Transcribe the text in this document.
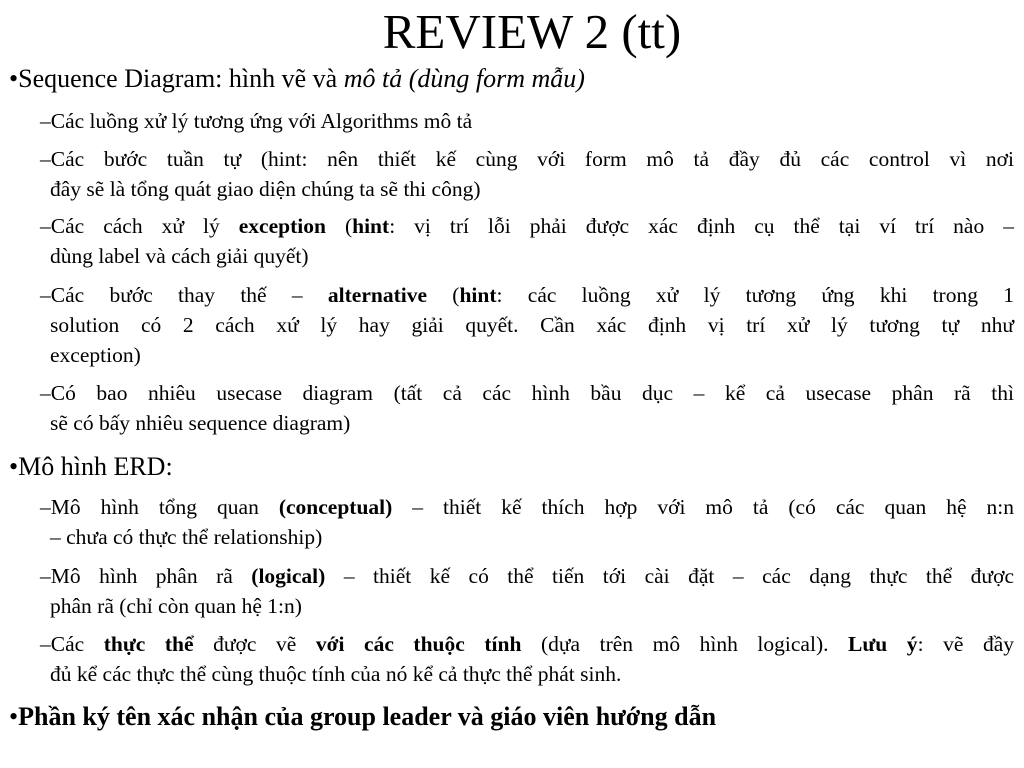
REVIEW 2 (tt)
•Sequence Diagram: hình vẽ và mô tả (dùng form mẫu)
–Các luồng xử lý tương ứng với Algorithms mô tả
–Các bước tuần tự (hint: nên thiết kế cùng với form mô tả đầy đủ các control vì nơi
đây sẽ là tổng quát giao diện chúng ta sẽ thi công)
–Các cách xử lý exception (hint: vị trí lỗi phải được xác định cụ thể tại ví trí nào –
dùng label và cách giải quyết)
–Các bước thay thế – alternative (hint: các luồng xử lý tương ứng khi trong 1
solution có 2 cách xứ lý hay giải quyết. Cần xác định vị trí xử lý tương tự như
exception)
–Có bao nhiêu usecase diagram (tất cả các hình bầu dục – kể cả usecase phân rã thì
sẽ có bấy nhiêu sequence diagram)
•Mô hình ERD:
–Mô hình tổng quan (conceptual) – thiết kế thích hợp với mô tả (có các quan hệ n:n
– chưa có thực thể relationship)
–Mô hình phân rã (logical) – thiết kế có thể tiến tới cài đặt – các dạng thực thể được
phân rã (chỉ còn quan hệ 1:n)
–Các thực thể được vẽ với các thuộc tính (dựa trên mô hình logical). Lưu ý: vẽ đầy
đủ kể các thực thể cùng thuộc tính của nó kể cả thực thể phát sinh.
•Phần ký tên xác nhận của group leader và giáo viên hướng dẫn
